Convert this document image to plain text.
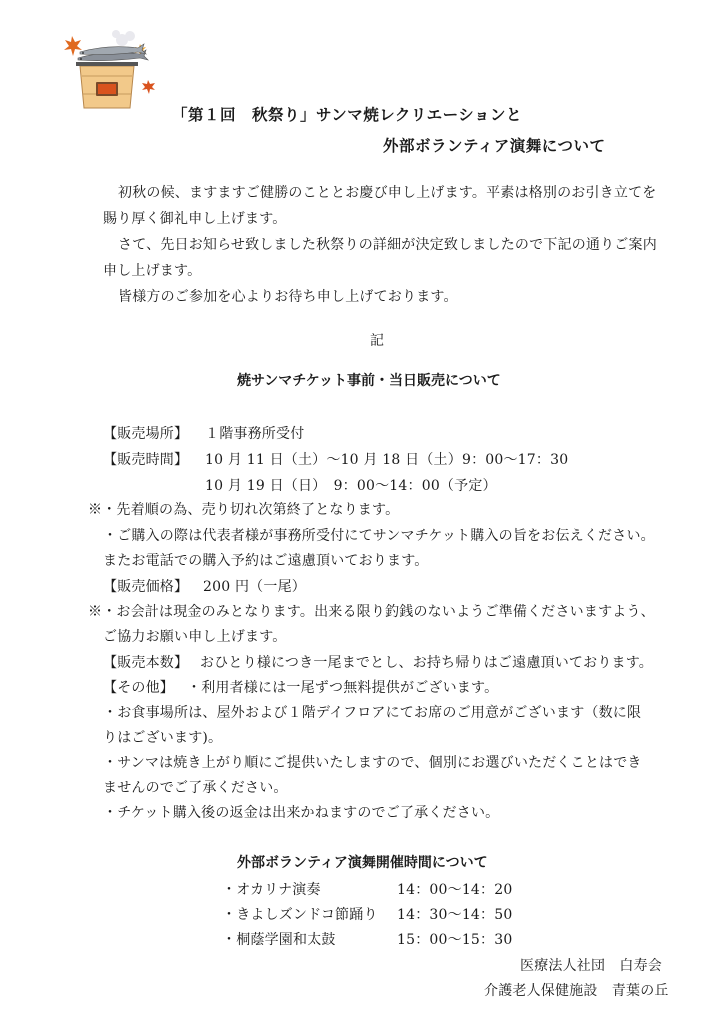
「第１回　秋祭り」サンマ焼レクリエーションと
外部ボランティア演舞について
初秋の候、ますますご健勝のこととお慶び申し上げます。平素は格別のお引き立てを
賜り厚く御礼申し上げます。
さて、先日お知らせ致しました秋祭りの詳細が決定致しましたので下記の通りご案内
申し上げます。
皆様方のご参加を心よりお待ち申し上げております。
記
焼サンマチケット事前・当日販売について
【販売場所】 １階事務所受付
【販売時間】 10 月 11 日（土）～10 月 18 日（土）9：00～17：30
10 月 19 日（日）　9：00～14：00（予定）
※・先着順の為、売り切れ次第終了となります。
・ご購入の際は代表者様が事務所受付にてサンマチケット購入の旨をお伝えください。
またお電話での購入予約はご遠慮頂いております。
【販売価格】 200 円（一尾）
※・お会計は現金のみとなります。出来る限り釣銭のないようご準備くださいますよう、
ご協力お願い申し上げます。
【販売本数】 おひとり様につき一尾までとし、お持ち帰りはご遠慮頂いております。
【その他】 ・利用者様には一尾ずつ無料提供がございます。
・お食事場所は、屋外および１階デイフロアにてお席のご用意がございます（数に限
りはございます)。
・サンマは焼き上がり順にご提供いたしますので、個別にお選びいただくことはでき
ませんのでご了承ください。
・チケット購入後の返金は出来かねますのでご了承ください。
外部ボランティア演舞開催時間について
・オカリナ演奏	14：00～14：20
・きよしズンドコ節踊り 14：30～14：50
・桐蔭学園和太鼓	15：00～15：30
医療法人社団　白寿会
介護老人保健施設　青葉の丘
